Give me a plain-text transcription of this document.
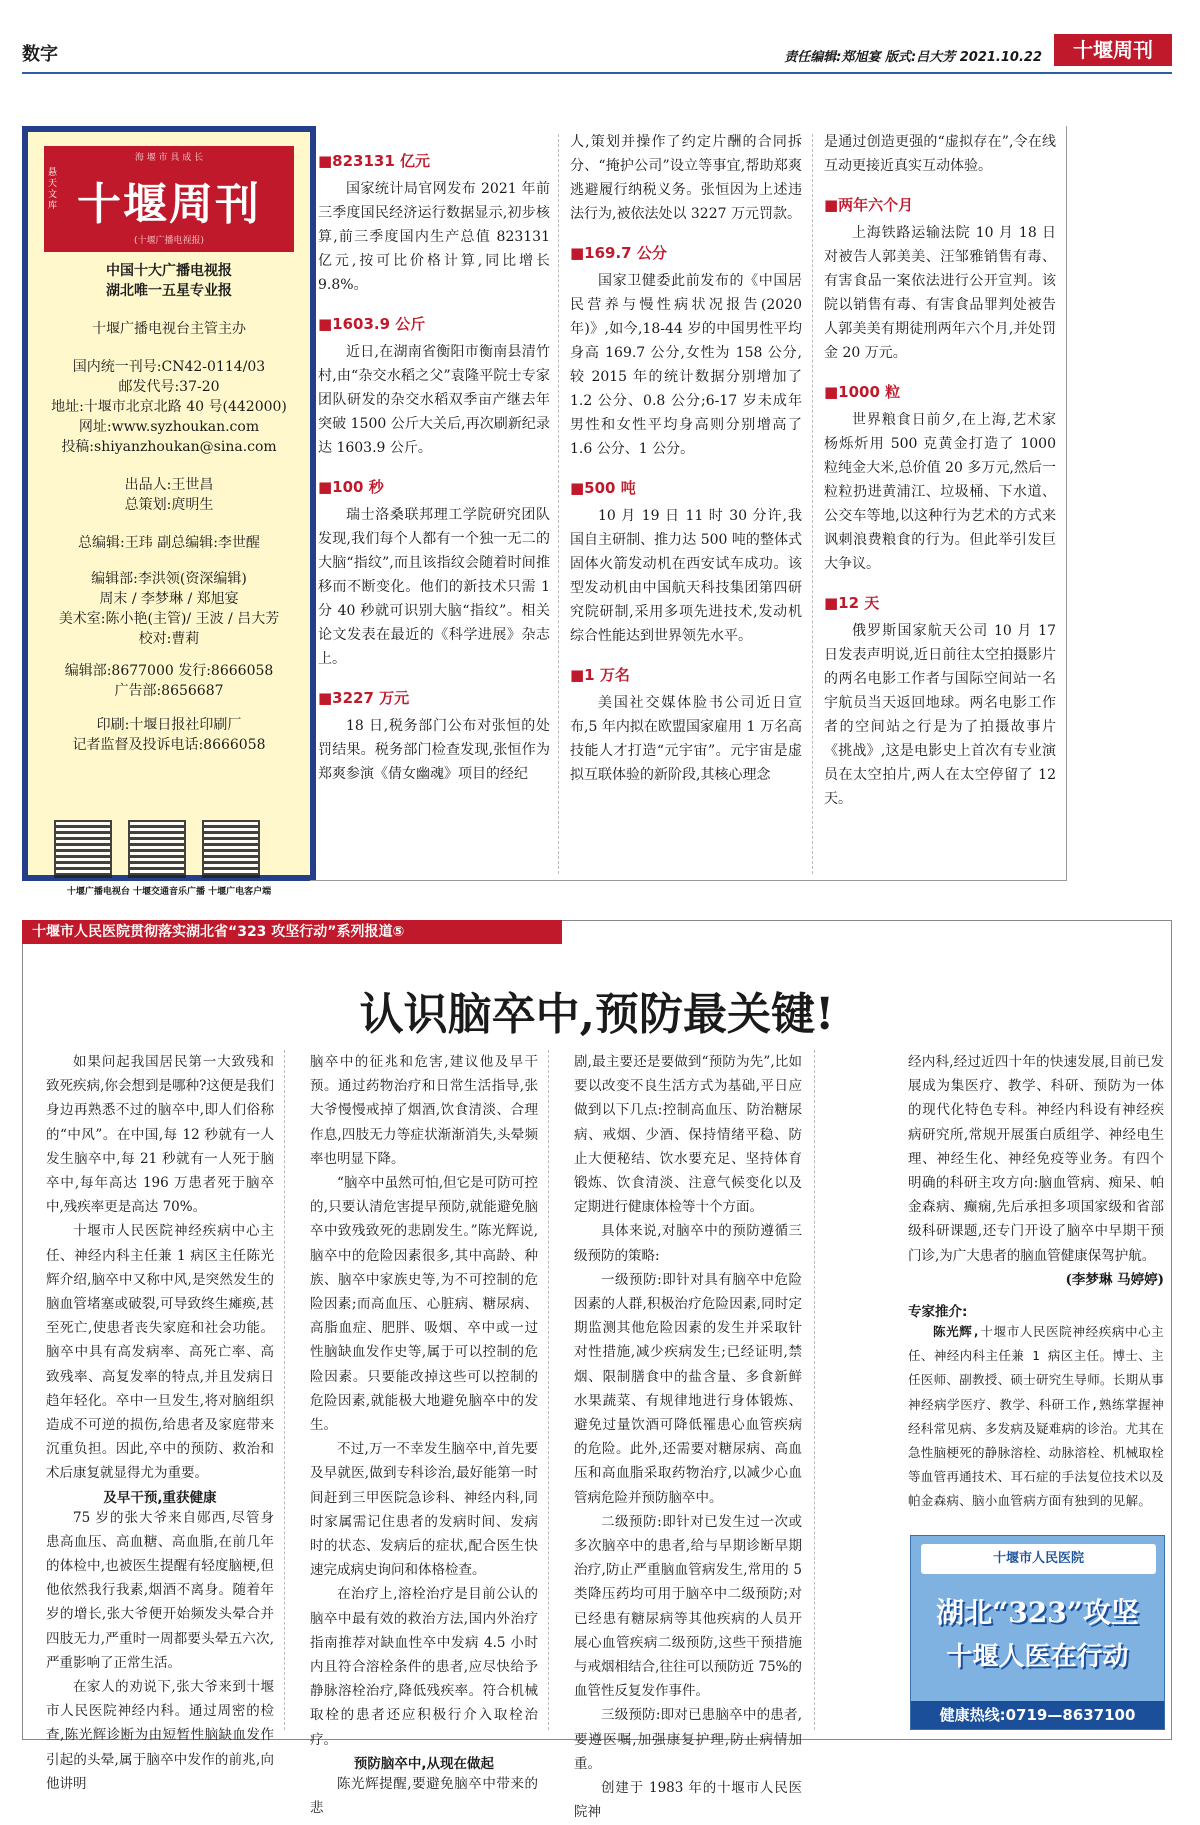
数字	责任编辑:郑旭宴 版式:吕大芳 2021.10.22	十堰周刊
海 堰 市 具 成 长
悬天文库 十堰周刊
(十堰广播电视报)
中国十大广播电视报
湖北唯一五星专业报
十堰广播电视台主管主办
国内统一刊号:CN42-0114/03
邮发代号:37-20
地址:十堰市北京北路 40 号(442000)
网址:www.syzhoukan.com
投稿:shiyanzhoukan@sina.com
出品人:王世昌
总策划:庹明生
总编辑:王玮 副总编辑:李世醒
编辑部:李洪领(资深编辑)
周末 / 李梦琳 / 郑旭宴
美术室:陈小艳(主管)/ 王波 / 吕大芳
校对:曹莉
编辑部:8677000 发行:8666058
广告部:8656687
印刷:十堰日报社印刷厂
记者监督及投诉电话:8666058
十堰广播电视台 十堰交通音乐广播 十堰广电客户端
■823131 亿元

国家统计局官网发布 2021 年前三季度国民经济运行数据显示,初步核算,前三季度国内生产总值 823131 亿元,按可比价格计算,同比增长 9.8%。

■1603.9 公斤

近日,在湖南省衡阳市衡南县清竹村,由“杂交水稻之父”袁隆平院士专家团队研发的杂交水稻双季亩产继去年突破 1500 公斤大关后,再次刷新纪录达 1603.9 公斤。

■100 秒

瑞士洛桑联邦理工学院研究团队发现,我们每个人都有一个独一无二的大脑“指纹”,而且该指纹会随着时间推移而不断变化。他们的新技术只需 1 分 40 秒就可识别大脑“指纹”。相关论文发表在最近的《科学进展》杂志上。

■3227 万元

18 日,税务部门公布对张恒的处罚结果。税务部门检查发现,张恒作为郑爽参演《倩女幽魂》项目的经纪

人,策划并操作了约定片酬的合同拆分、“掩护公司”设立等事宜,帮助郑爽逃避履行纳税义务。张恒因为上述违法行为,被依法处以 3227 万元罚款。

■169.7 公分

国家卫健委此前发布的《中国居民营养与慢性病状况报告(2020年)》,如今,18-44 岁的中国男性平均身高 169.7 公分,女性为 158 公分,较 2015 年的统计数据分别增加了 1.2 公分、0.8 公分;6-17 岁未成年男性和女性平均身高则分别增高了 1.6 公分、1 公分。

■500 吨

10 月 19 日 11 时 30 分许,我国自主研制、推力达 500 吨的整体式固体火箭发动机在西安试车成功。该型发动机由中国航天科技集团第四研究院研制,采用多项先进技术,发动机综合性能达到世界领先水平。

■1 万名

美国社交媒体脸书公司近日宣布,5 年内拟在欧盟国家雇用 1 万名高技能人才打造“元宇宙”。元宇宙是虚拟互联体验的新阶段,其核心理念

是通过创造更强的“虚拟存在”,令在线互动更接近真实互动体验。

■两年六个月

上海铁路运输法院 10 月 18 日对被告人郭美美、汪邹雅销售有毒、有害食品一案依法进行公开宣判。该院以销售有毒、有害食品罪判处被告人郭美美有期徒刑两年六个月,并处罚金 20 万元。

■1000 粒

世界粮食日前夕,在上海,艺术家杨烁炘用 500 克黄金打造了 1000 粒纯金大米,总价值 20 多万元,然后一粒粒扔进黄浦江、垃圾桶、下水道、公交车等地,以这种行为艺术的方式来讽刺浪费粮食的行为。但此举引发巨大争议。

■12 天

俄罗斯国家航天公司 10 月 17 日发表声明说,近日前往太空拍摄影片的两名电影工作者与国际空间站一名宇航员当天返回地球。两名电影工作者的空间站之行是为了拍摄故事片《挑战》,这是电影史上首次有专业演员在太空拍片,两人在太空停留了 12 天。

十堰市人民医院贯彻落实湖北省“323 攻坚行动”系列报道⑤
认识脑卒中,预防最关键!

如果问起我国居民第一大致残和致死疾病,你会想到是哪种?这便是我们身边再熟悉不过的脑卒中,即人们俗称的“中风”。在中国,每 12 秒就有一人发生脑卒中,每 21 秒就有一人死于脑卒中,每年高达 196 万患者死于脑卒中,残疾率更是高达 70%。

十堰市人民医院神经疾病中心主任、神经内科主任兼 1 病区主任陈光辉介绍,脑卒中又称中风,是突然发生的脑血管堵塞或破裂,可导致终生瘫痪,甚至死亡,使患者丧失家庭和社会功能。脑卒中具有高发病率、高死亡率、高致残率、高复发率的特点,并且发病日趋年轻化。卒中一旦发生,将对脑组织造成不可逆的损伤,给患者及家庭带来沉重负担。因此,卒中的预防、救治和术后康复就显得尤为重要。

及早干预,重获健康

75 岁的张大爷来自郧西,尽管身患高血压、高血糖、高血脂,在前几年的体检中,也被医生提醒有轻度脑梗,但他依然我行我素,烟酒不离身。随着年岁的增长,张大爷便开始频发头晕合并四肢无力,严重时一周都要头晕五六次,严重影响了正常生活。

在家人的劝说下,张大爷来到十堰市人民医院神经内科。通过周密的检查,陈光辉诊断为由短暂性脑缺血发作引起的头晕,属于脑卒中发作的前兆,向他讲明

脑卒中的征兆和危害,建议他及早干预。通过药物治疗和日常生活指导,张大爷慢慢戒掉了烟酒,饮食清淡、合理作息,四肢无力等症状渐渐消失,头晕频率也明显下降。

“脑卒中虽然可怕,但它是可防可控的,只要认清危害提早预防,就能避免脑卒中致残致死的悲剧发生。”陈光辉说,脑卒中的危险因素很多,其中高龄、种族、脑卒中家族史等,为不可控制的危险因素;而高血压、心脏病、糖尿病、高脂血症、肥胖、吸烟、卒中或一过性脑缺血发作史等,属于可以控制的危险因素。只要能改掉这些可以控制的危险因素,就能极大地避免脑卒中的发生。

不过,万一不幸发生脑卒中,首先要及早就医,做到专科诊治,最好能第一时间赶到三甲医院急诊科、神经内科,同时家属需记住患者的发病时间、发病时的状态、发病后的症状,配合医生快速完成病史询问和体格检查。

在治疗上,溶栓治疗是目前公认的脑卒中最有效的救治方法,国内外治疗指南推荐对缺血性卒中发病 4.5 小时内且符合溶栓条件的患者,应尽快给予静脉溶栓治疗,降低残疾率。符合机械取栓的患者还应积极行介入取栓治疗。

预防脑卒中,从现在做起

陈光辉提醒,要避免脑卒中带来的悲

剧,最主要还是要做到“预防为先”,比如要以改变不良生活方式为基础,平日应做到以下几点:控制高血压、防治糖尿病、戒烟、少酒、保持情绪平稳、防止大便秘结、饮水要充足、坚持体育锻炼、饮食清淡、注意气候变化以及定期进行健康体检等十个方面。

具体来说,对脑卒中的预防遵循三级预防的策略:

一级预防:即针对具有脑卒中危险因素的人群,积极治疗危险因素,同时定期监测其他危险因素的发生并采取针对性措施,减少疾病发生;已经证明,禁烟、限制膳食中的盐含量、多食新鲜水果蔬菜、有规律地进行身体锻炼、避免过量饮酒可降低罹患心血管疾病的危险。此外,还需要对糖尿病、高血压和高血脂采取药物治疗,以减少心血管病危险并预防脑卒中。

二级预防:即针对已发生过一次或多次脑卒中的患者,给与早期诊断早期治疗,防止严重脑血管病发生,常用的 5 类降压药均可用于脑卒中二级预防;对已经患有糖尿病等其他疾病的人员开展心血管疾病二级预防,这些干预措施与戒烟相结合,往往可以预防近 75%的血管性反复发作事件。

三级预防:即对已患脑卒中的患者,要遵医嘱,加强康复护理,防止病情加重。

创建于 1983 年的十堰市人民医院神

经内科,经过近四十年的快速发展,目前已发展成为集医疗、教学、科研、预防为一体的现代化特色专科。神经内科设有神经疾病研究所,常规开展蛋白质组学、神经电生理、神经生化、神经免疫等业务。有四个明确的科研主攻方向:脑血管病、痴呆、帕金森病、癫痫,先后承担多项国家级和省部级科研课题,还专门开设了脑卒中早期干预门诊,为广大患者的脑血管健康保驾护航。

(李梦琳 马婷婷)

专家推介:

陈光辉,十堰市人民医院神经疾病中心主任、神经内科主任兼 1 病区主任。博士、主任医师、副教授、硕士研究生导师。长期从事神经病学医疗、教学、科研工作,熟练掌握神经科常见病、多发病及疑难病的诊治。尤其在急性脑梗死的静脉溶栓、动脉溶栓、机械取栓等血管再通技术、耳石症的手法复位技术以及帕金森病、脑小血管病方面有独到的见解。

十堰市人民医院
湖北“323”攻坚
十堰人医在行动
健康热线:0719—8637100
